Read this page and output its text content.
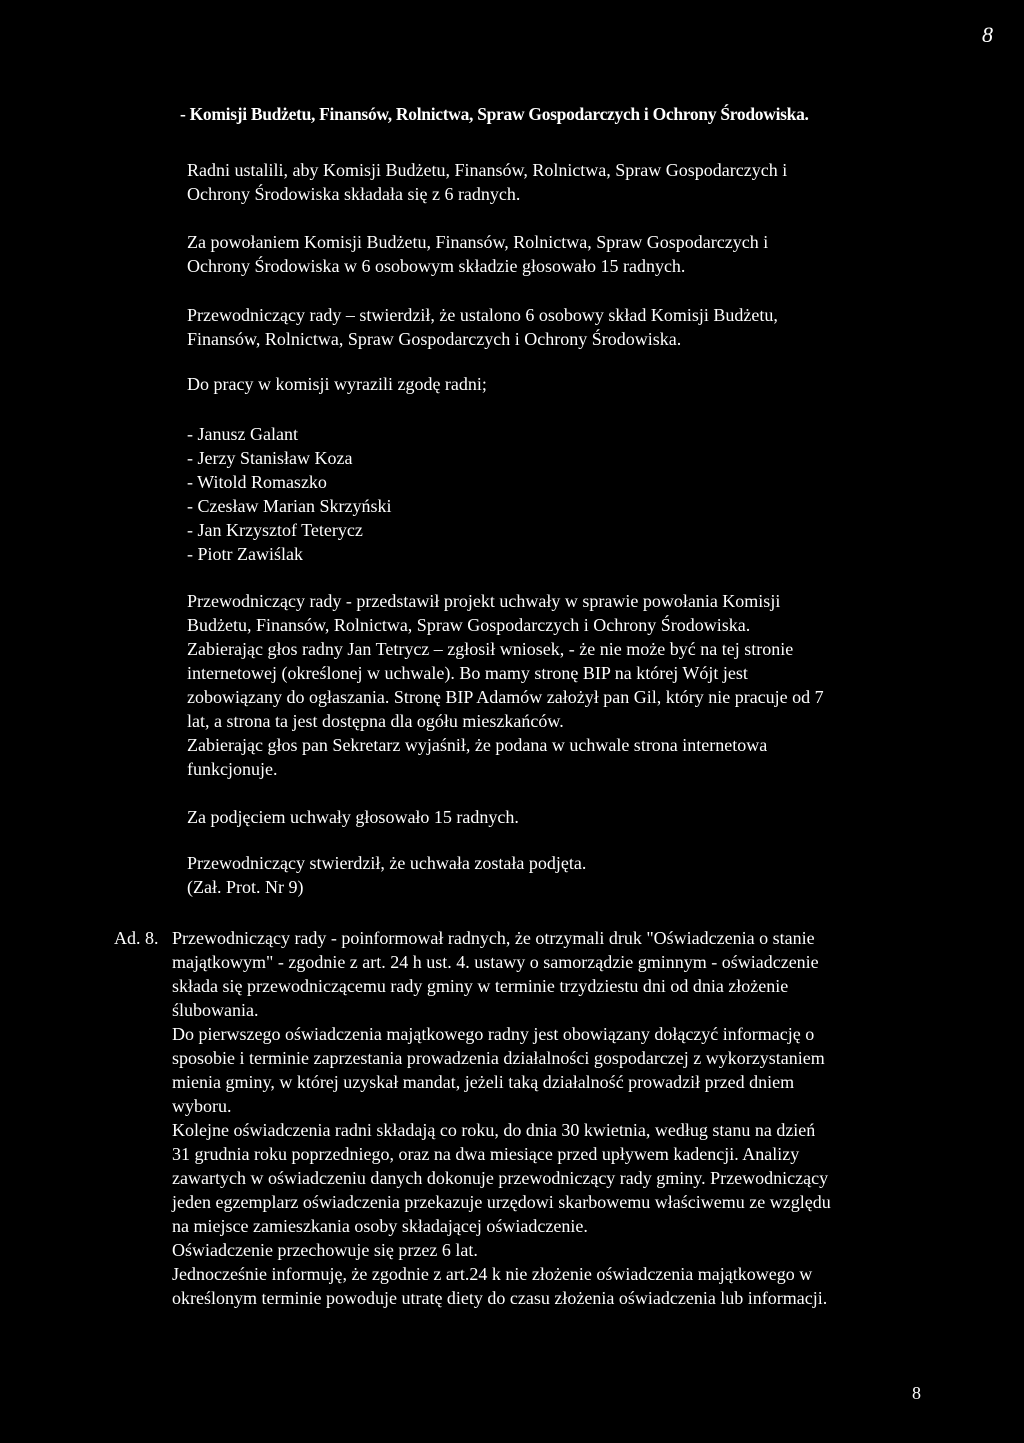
8
- Komisji Budżetu, Finansów, Rolnictwa, Spraw Gospodarczych i Ochrony Środowiska.

Radni ustalili, aby Komisji Budżetu, Finansów, Rolnictwa, Spraw Gospodarczych i

Ochrony Środowiska składała się z 6 radnych.

Za powołaniem Komisji Budżetu, Finansów, Rolnictwa, Spraw Gospodarczych i

Ochrony Środowiska w 6 osobowym składzie głosowało 15 radnych.

Przewodniczący rady – stwierdził, że ustalono 6 osobowy skład Komisji Budżetu,

Finansów, Rolnictwa, Spraw Gospodarczych i Ochrony Środowiska.

Do pracy w komisji wyrazili zgodę radni;

- Janusz Galant
- Jerzy Stanisław Koza
- Witold Romaszko
- Czesław Marian Skrzyński
- Jan Krzysztof Teterycz
- Piotr Zawiślak

Przewodniczący rady - przedstawił projekt uchwały w sprawie powołania Komisji

Budżetu, Finansów, Rolnictwa, Spraw Gospodarczych i Ochrony Środowiska.

Zabierając głos radny Jan Tetrycz – zgłosił wniosek, - że nie może być na tej stronie

internetowej (określonej w uchwale). Bo mamy stronę BIP na której Wójt jest

zobowiązany do ogłaszania. Stronę BIP Adamów założył pan Gil, który nie pracuje od 7

lat, a strona ta jest dostępna dla ogółu mieszkańców.

Zabierając głos pan Sekretarz wyjaśnił, że podana w uchwale strona internetowa

funkcjonuje.

Za podjęciem uchwały głosowało 15 radnych.

Przewodniczący stwierdził, że uchwała została podjęta.

(Zał. Prot. Nr 9)

Ad. 8. Przewodniczący rady - poinformował radnych, że otrzymali druk "Oświadczenia o stanie

majątkowym" - zgodnie z art. 24 h ust. 4. ustawy o samorządzie gminnym - oświadczenie

składa się przewodniczącemu rady gminy w terminie trzydziestu dni od dnia złożenie

ślubowania.

Do pierwszego oświadczenia majątkowego radny jest obowiązany dołączyć informację o

sposobie i terminie zaprzestania prowadzenia działalności gospodarczej z wykorzystaniem

mienia gminy, w której uzyskał mandat, jeżeli taką działalność prowadził przed dniem

wyboru.

Kolejne oświadczenia radni składają co roku, do dnia 30 kwietnia, według stanu na dzień

31 grudnia roku poprzedniego, oraz na dwa miesiące przed upływem kadencji. Analizy

zawartych w oświadczeniu danych dokonuje przewodniczący rady gminy. Przewodniczący

jeden egzemplarz oświadczenia przekazuje urzędowi skarbowemu właściwemu ze względu

na miejsce zamieszkania osoby składającej oświadczenie.

Oświadczenie przechowuje się przez 6 lat.

Jednocześnie informuję, że zgodnie z art.24 k nie złożenie oświadczenia majątkowego w

określonym terminie powoduje utratę diety do czasu złożenia oświadczenia lub informacji.

8
